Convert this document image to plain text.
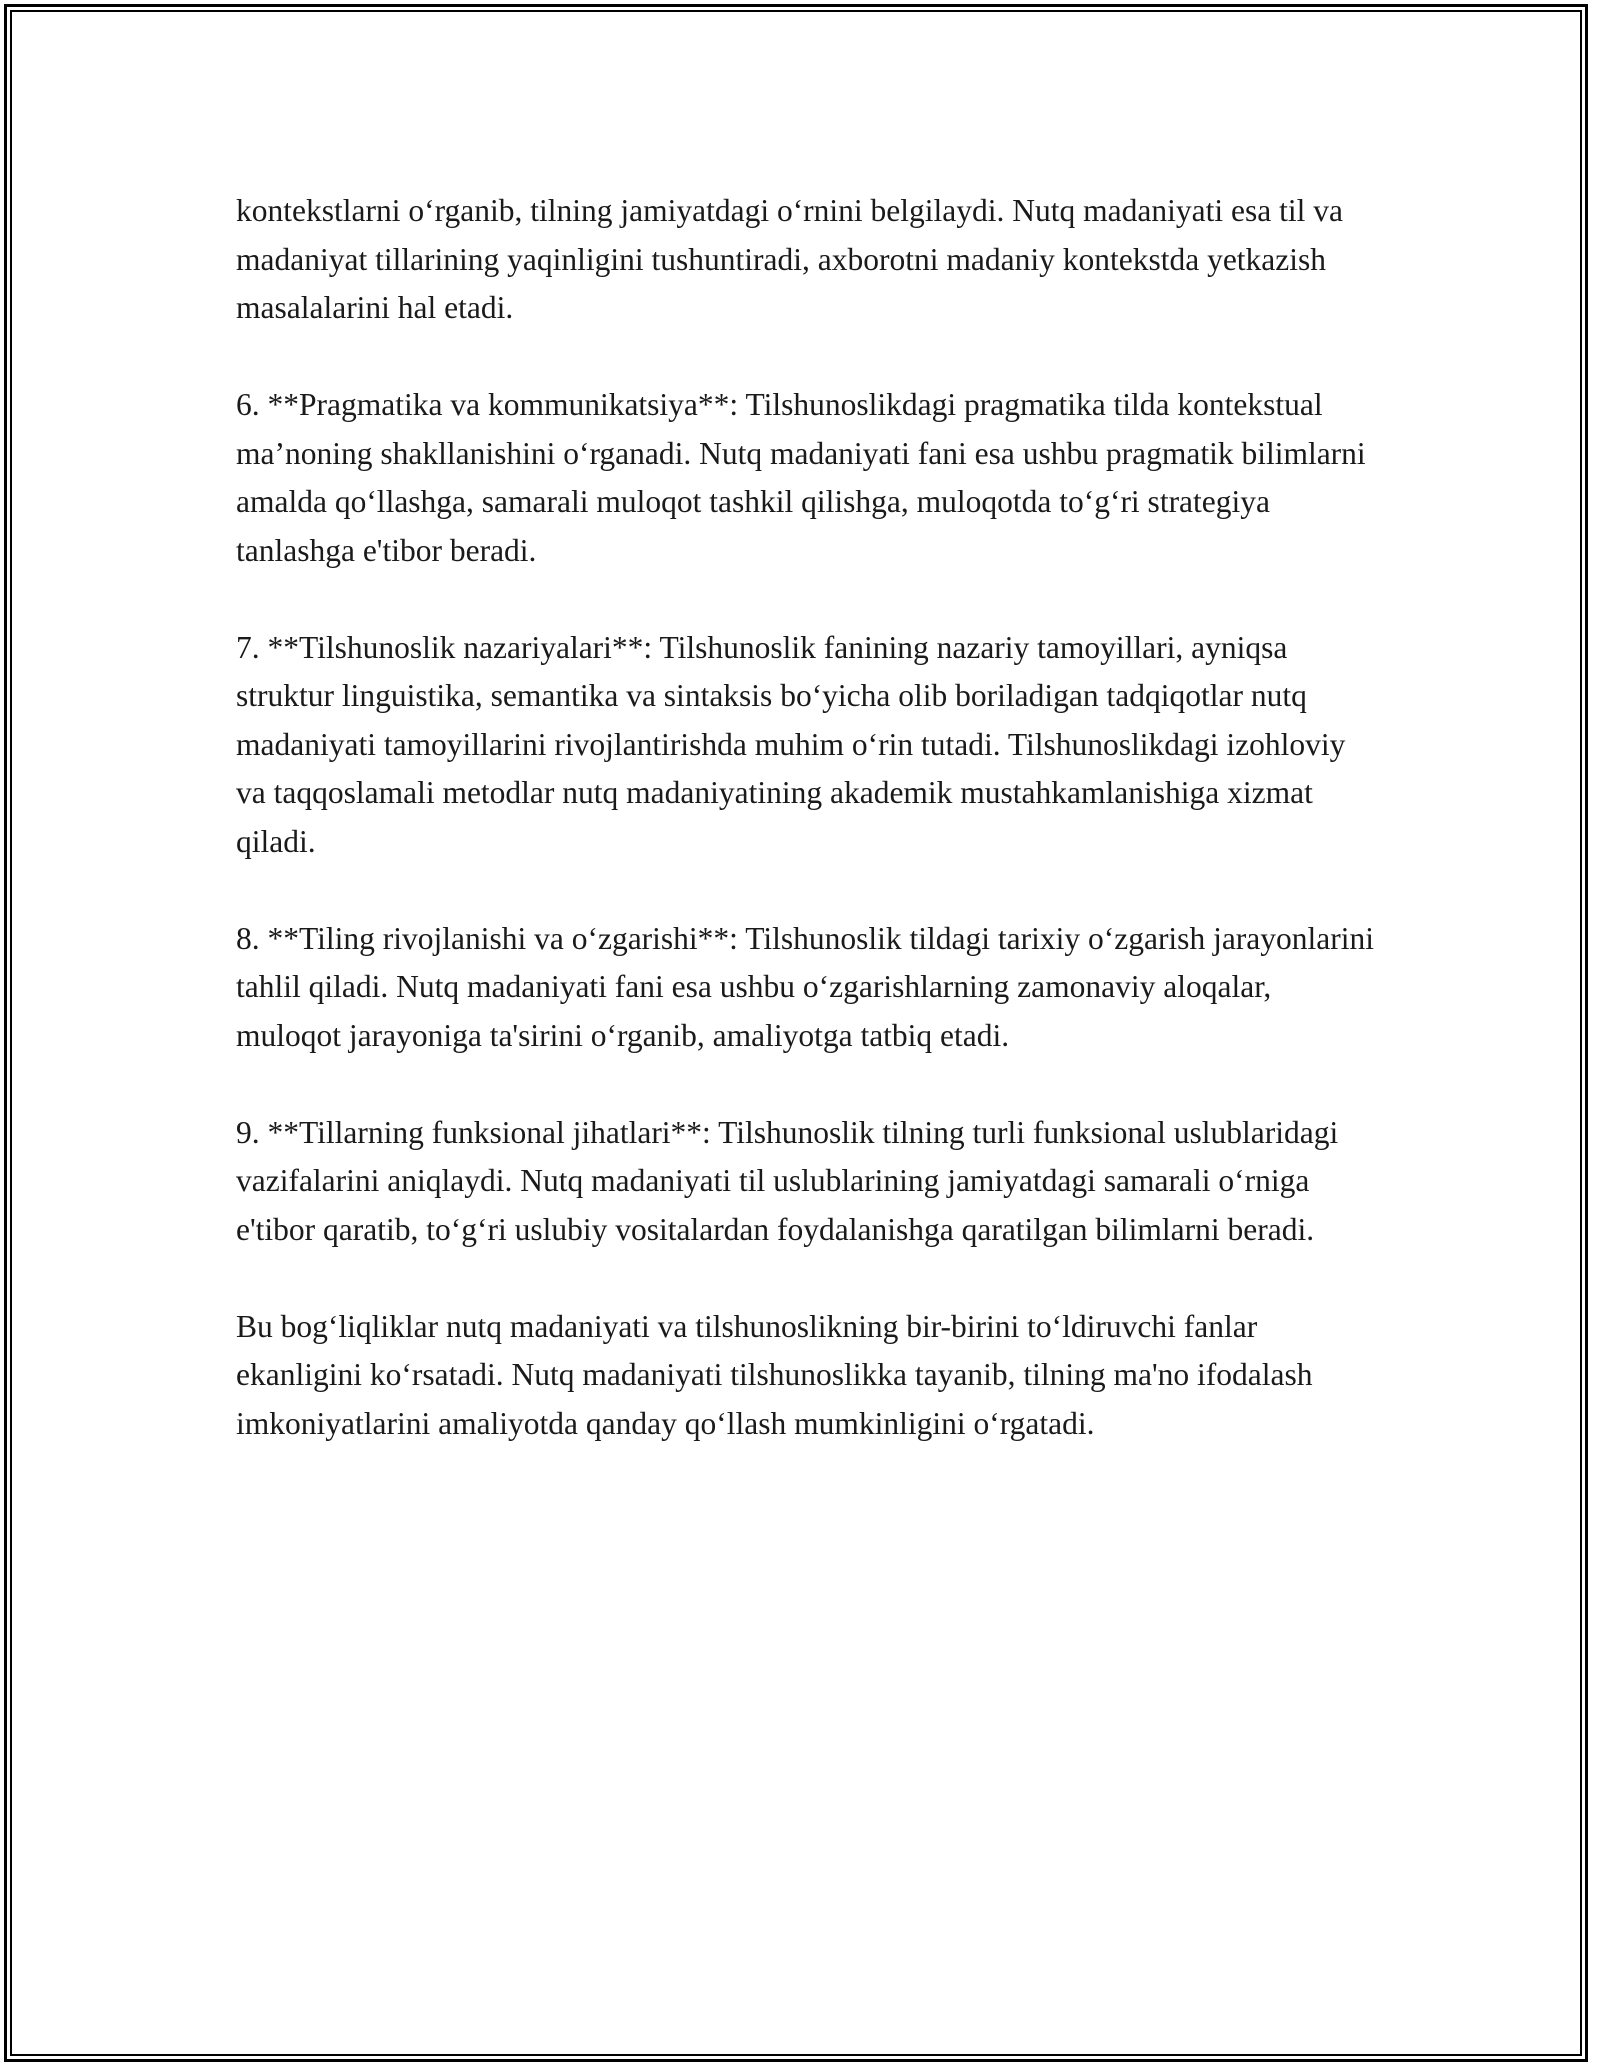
kontekstlarni o‘rganib, tilning jamiyatdagi o‘rnini belgilaydi. Nutq madaniyati esa til va madaniyat tillarining yaqinligini tushuntiradi, axborotni madaniy kontekstda yetkazish masalalarini hal etadi.

6. **Pragmatika va kommunikatsiya**: Tilshunoslikdagi pragmatika tilda kontekstual ma’noning shakllanishini o‘rganadi. Nutq madaniyati fani esa ushbu pragmatik bilimlarni amalda qo‘llashga, samarali muloqot tashkil qilishga, muloqotda to‘g‘ri strategiya tanlashga e'tibor beradi.

7. **Tilshunoslik nazariyalari**: Tilshunoslik fanining nazariy tamoyillari, ayniqsa struktur linguistika, semantika va sintaksis bo‘yicha olib boriladigan tadqiqotlar nutq madaniyati tamoyillarini rivojlantirishda muhim o‘rin tutadi. Tilshunoslikdagi izohloviy va taqqoslamali metodlar nutq madaniyatining akademik mustahkamlanishiga xizmat qiladi.

8. **Tiling rivojlanishi va o‘zgarishi**: Tilshunoslik tildagi tarixiy o‘zgarish jarayonlarini tahlil qiladi. Nutq madaniyati fani esa ushbu o‘zgarishlarning zamonaviy aloqalar, muloqot jarayoniga ta'sirini o‘rganib, amaliyotga tatbiq etadi.

9. **Tillarning funksional jihatlari**: Tilshunoslik tilning turli funksional uslublaridagi vazifalarini aniqlaydi. Nutq madaniyati til uslublarining jamiyatdagi samarali o‘rniga e'tibor qaratib, to‘g‘ri uslubiy vositalardan foydalanishga qaratilgan bilimlarni beradi.

Bu bog‘liqliklar nutq madaniyati va tilshunoslikning bir-birini to‘ldiruvchi fanlar ekanligini ko‘rsatadi. Nutq madaniyati tilshunoslikka tayanib, tilning ma'no ifodalash imkoniyatlarini amaliyotda qanday qo‘llash mumkinligini o‘rgatadi.
